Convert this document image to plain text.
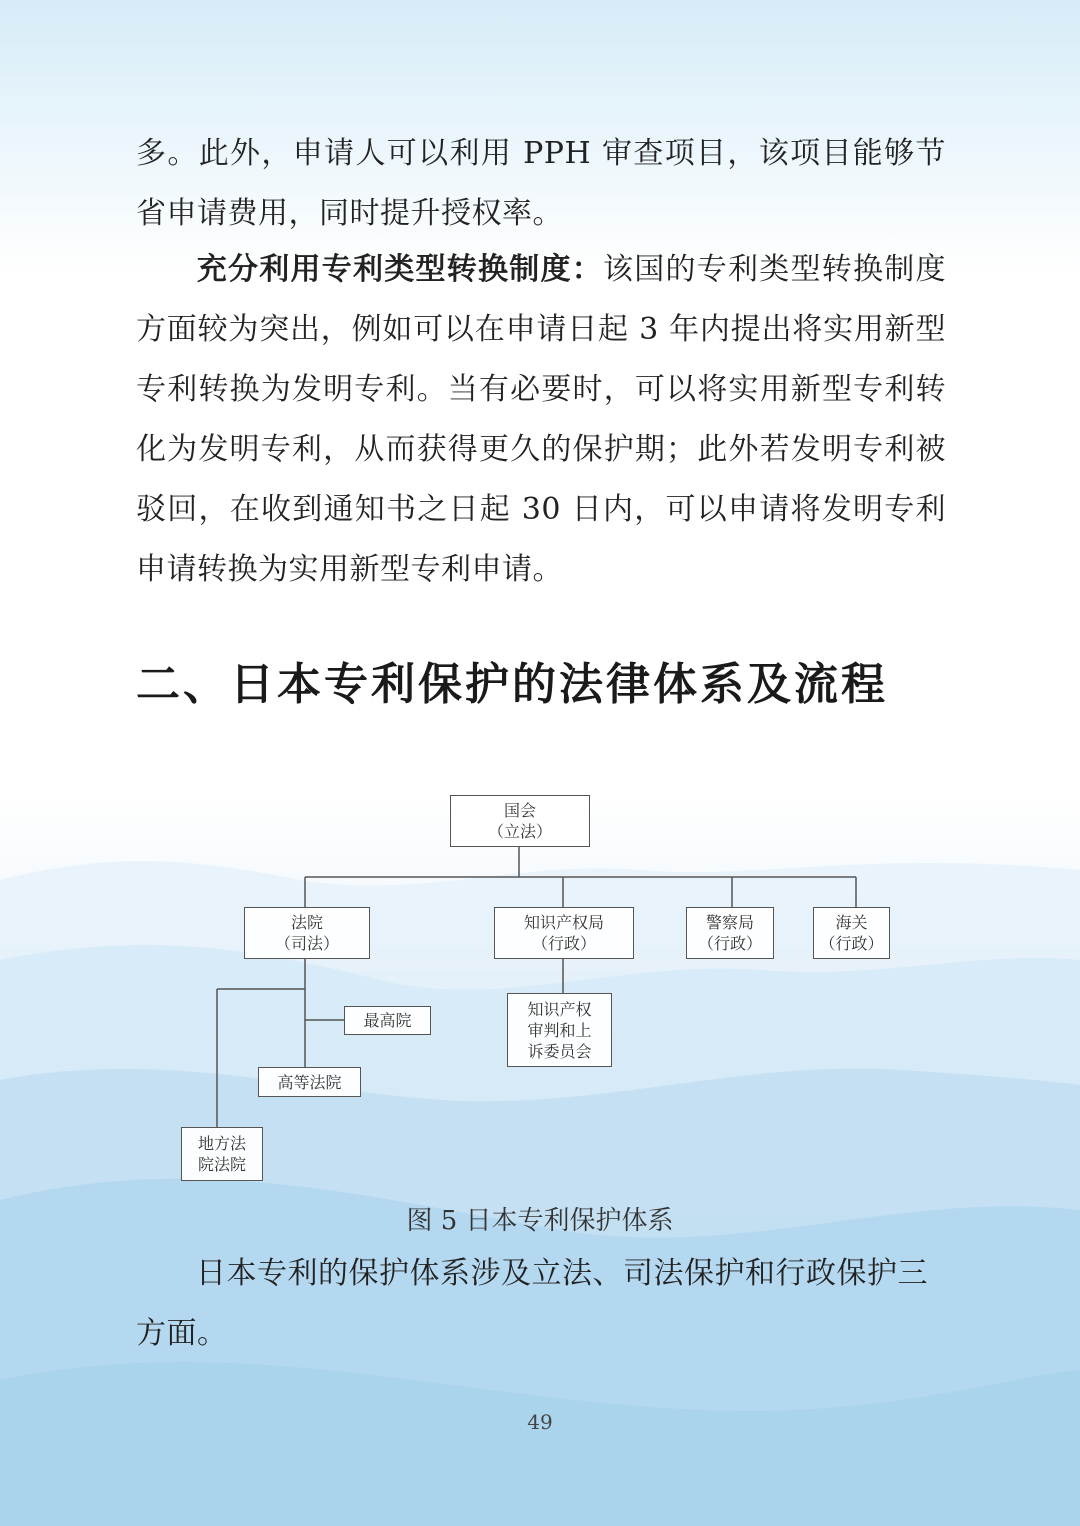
多。此外，申请人可以利用 PPH 审查项目，该项目能够节省申请费用，同时提升授权率。

充分利用专利类型转换制度：该国的专利类型转换制度方面较为突出，例如可以在申请日起 3 年内提出将实用新型专利转换为发明专利。当有必要时，可以将实用新型专利转化为发明专利，从而获得更久的保护期；此外若发明专利被驳回，在收到通知书之日起 30 日内，可以申请将发明专利申请转换为实用新型专利申请。

二、日本专利保护的法律体系及流程
国会
（立法）
法院
（司法）
知识产权局
（行政）
警察局
（行政）
海关
（行政）
最高院
高等法院
地方法
院法院
知识产权
审判和上
诉委员会
图 5 日本专利保护体系

日本专利的保护体系涉及立法、司法保护和行政保护三方面。

49
